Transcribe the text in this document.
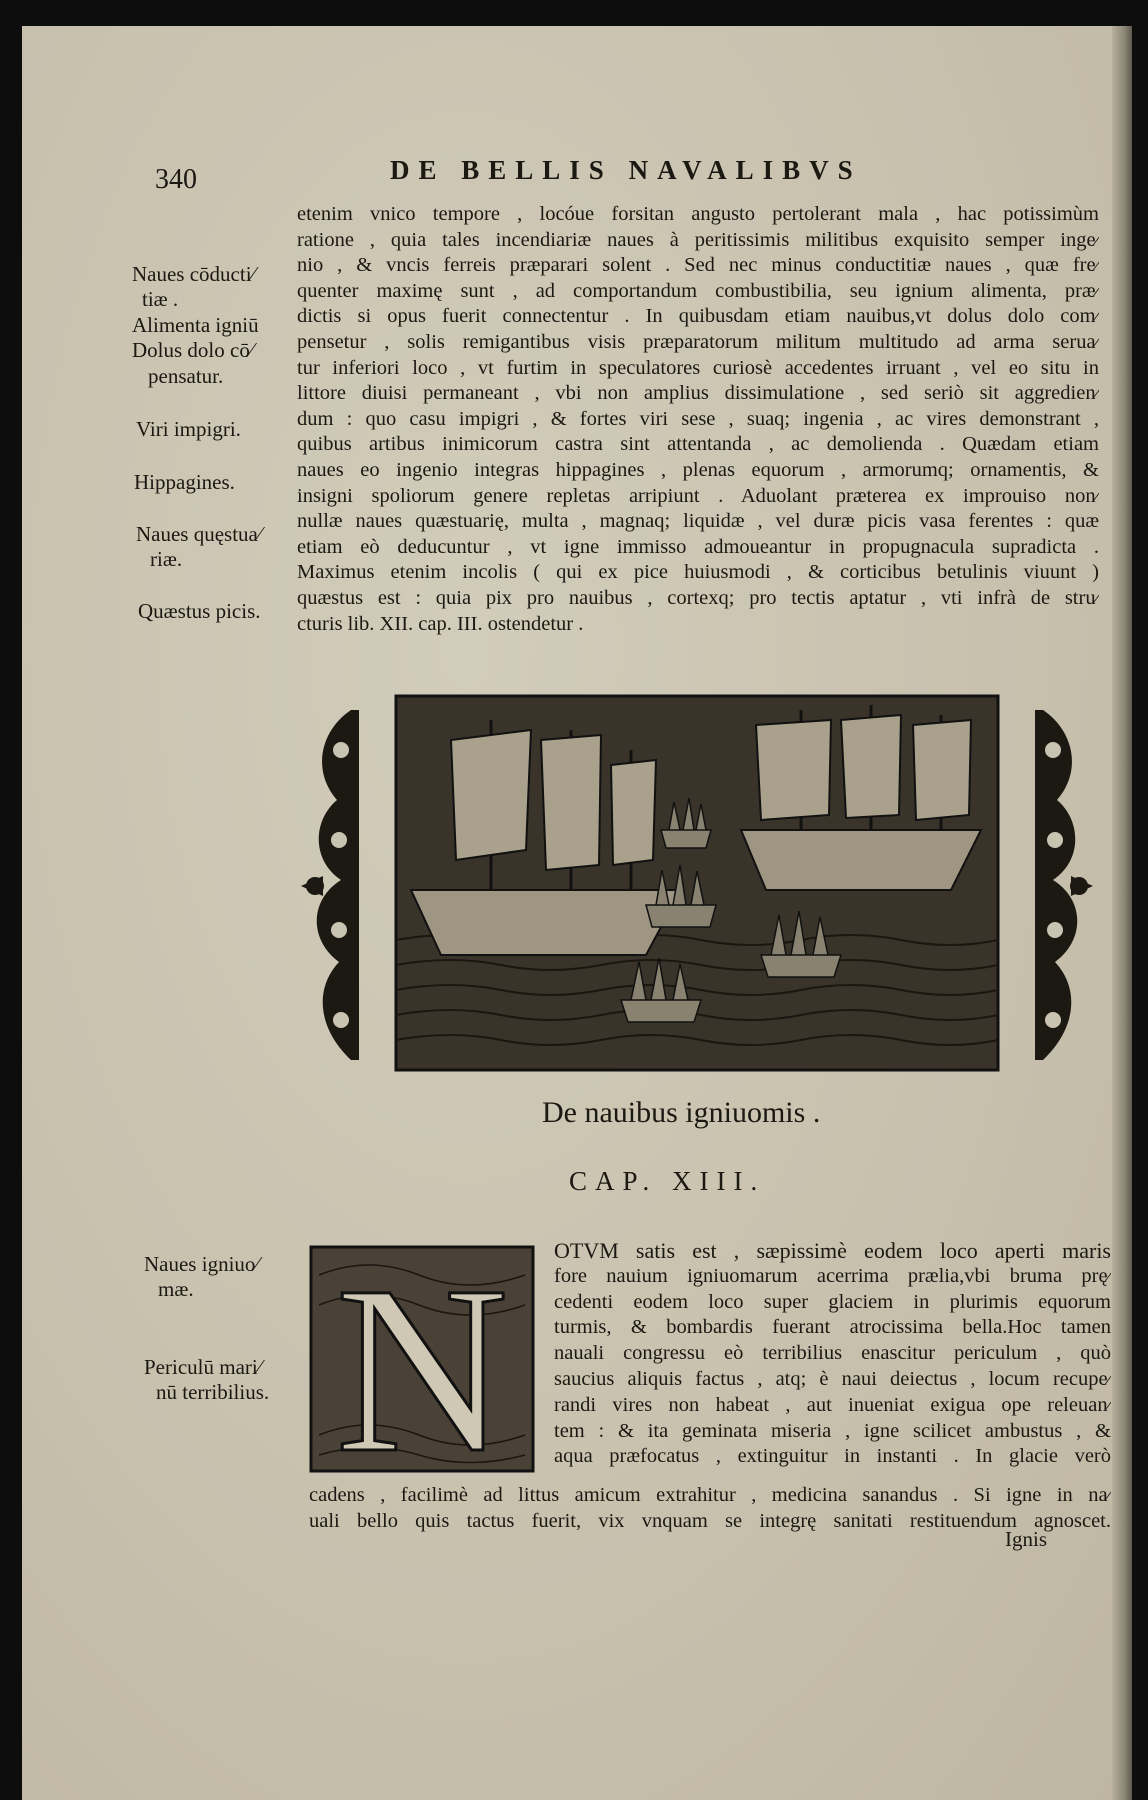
340	DE BELLIS NAVALIBVS
etenim vnico tempore , locóue forsitan angusto pertolerant mala , hac potissimùm
ratione , quia tales incendiariæ naues à peritissimis militibus exquisito semper inge⁄
nio , & vncis ferreis præparari solent . Sed nec minus conductitiæ naues , quæ fre⁄
quenter maximę sunt , ad comportandum combustibilia, seu ignium alimenta, præ⁄
dictis si opus fuerit connectentur . In quibusdam etiam nauibus,vt dolus dolo com⁄
pensetur , solis remigantibus visis præparatorum militum multitudo ad arma serua⁄
tur inferiori loco , vt furtim in speculatores curiosè accedentes irruant , vel eo situ in
littore diuisi permaneant , vbi non amplius dissimulatione , sed seriò sit aggredien⁄
dum : quo casu impigri , & fortes viri sese , suaq; ingenia , ac vires demonstrant ,
quibus artibus inimicorum castra sint attentanda , ac demolienda . Quædam etiam
naues eo ingenio integras hippagines , plenas equorum , armorumq; ornamentis, &
insigni spoliorum genere repletas arripiunt . Aduolant præterea ex improuiso non⁄
nullæ naues quæstuarię, multa , magnaq; liquidæ , vel duræ picis vasa ferentes : quæ
etiam eò deducuntur , vt igne immisso admoueantur in propugnacula supradicta .
Maximus etenim incolis ( qui ex pice huiusmodi , & corticibus betulinis viuunt )
quæstus est : quia pix pro nauibus , cortexq; pro tectis aptatur , vti infrà de stru⁄
cturis lib. XII. cap. III. ostendetur .
Naues cōducti⁄
tiæ .
Alimenta igniū
Dolus dolo cō⁄
pensatur.
Viri impigri.
Hippagines.
Naues quęstua⁄
riæ.
Quæstus picis.
Naues igniuo⁄
mæ.
Periculū mari⁄
nū terribilius.
De nauibus igniuomis .
CAP. XIII.
N OTVM satis est , sæpissimè eodem loco aperti maris
fore nauium igniuomarum acerrima prælia,vbi bruma prę⁄
cedenti eodem loco super glaciem in plurimis equorum
turmis, & bombardis fuerant atrocissima bella.Hoc tamen
nauali congressu eò terribilius enascitur periculum , quò
saucius aliquis factus , atq; è naui deiectus , locum recupe⁄
randi vires non habeat , aut inueniat exigua ope releuan⁄
tem : & ita geminata miseria , igne scilicet ambustus , &
aqua præfocatus , extinguitur in instanti . In glacie verò
cadens , facilimè ad littus amicum extrahitur , medicina sanandus . Si igne in na⁄
uali bello quis tactus fuerit, vix vnquam se integrę sanitati restituendum agnoscet.
Ignis
